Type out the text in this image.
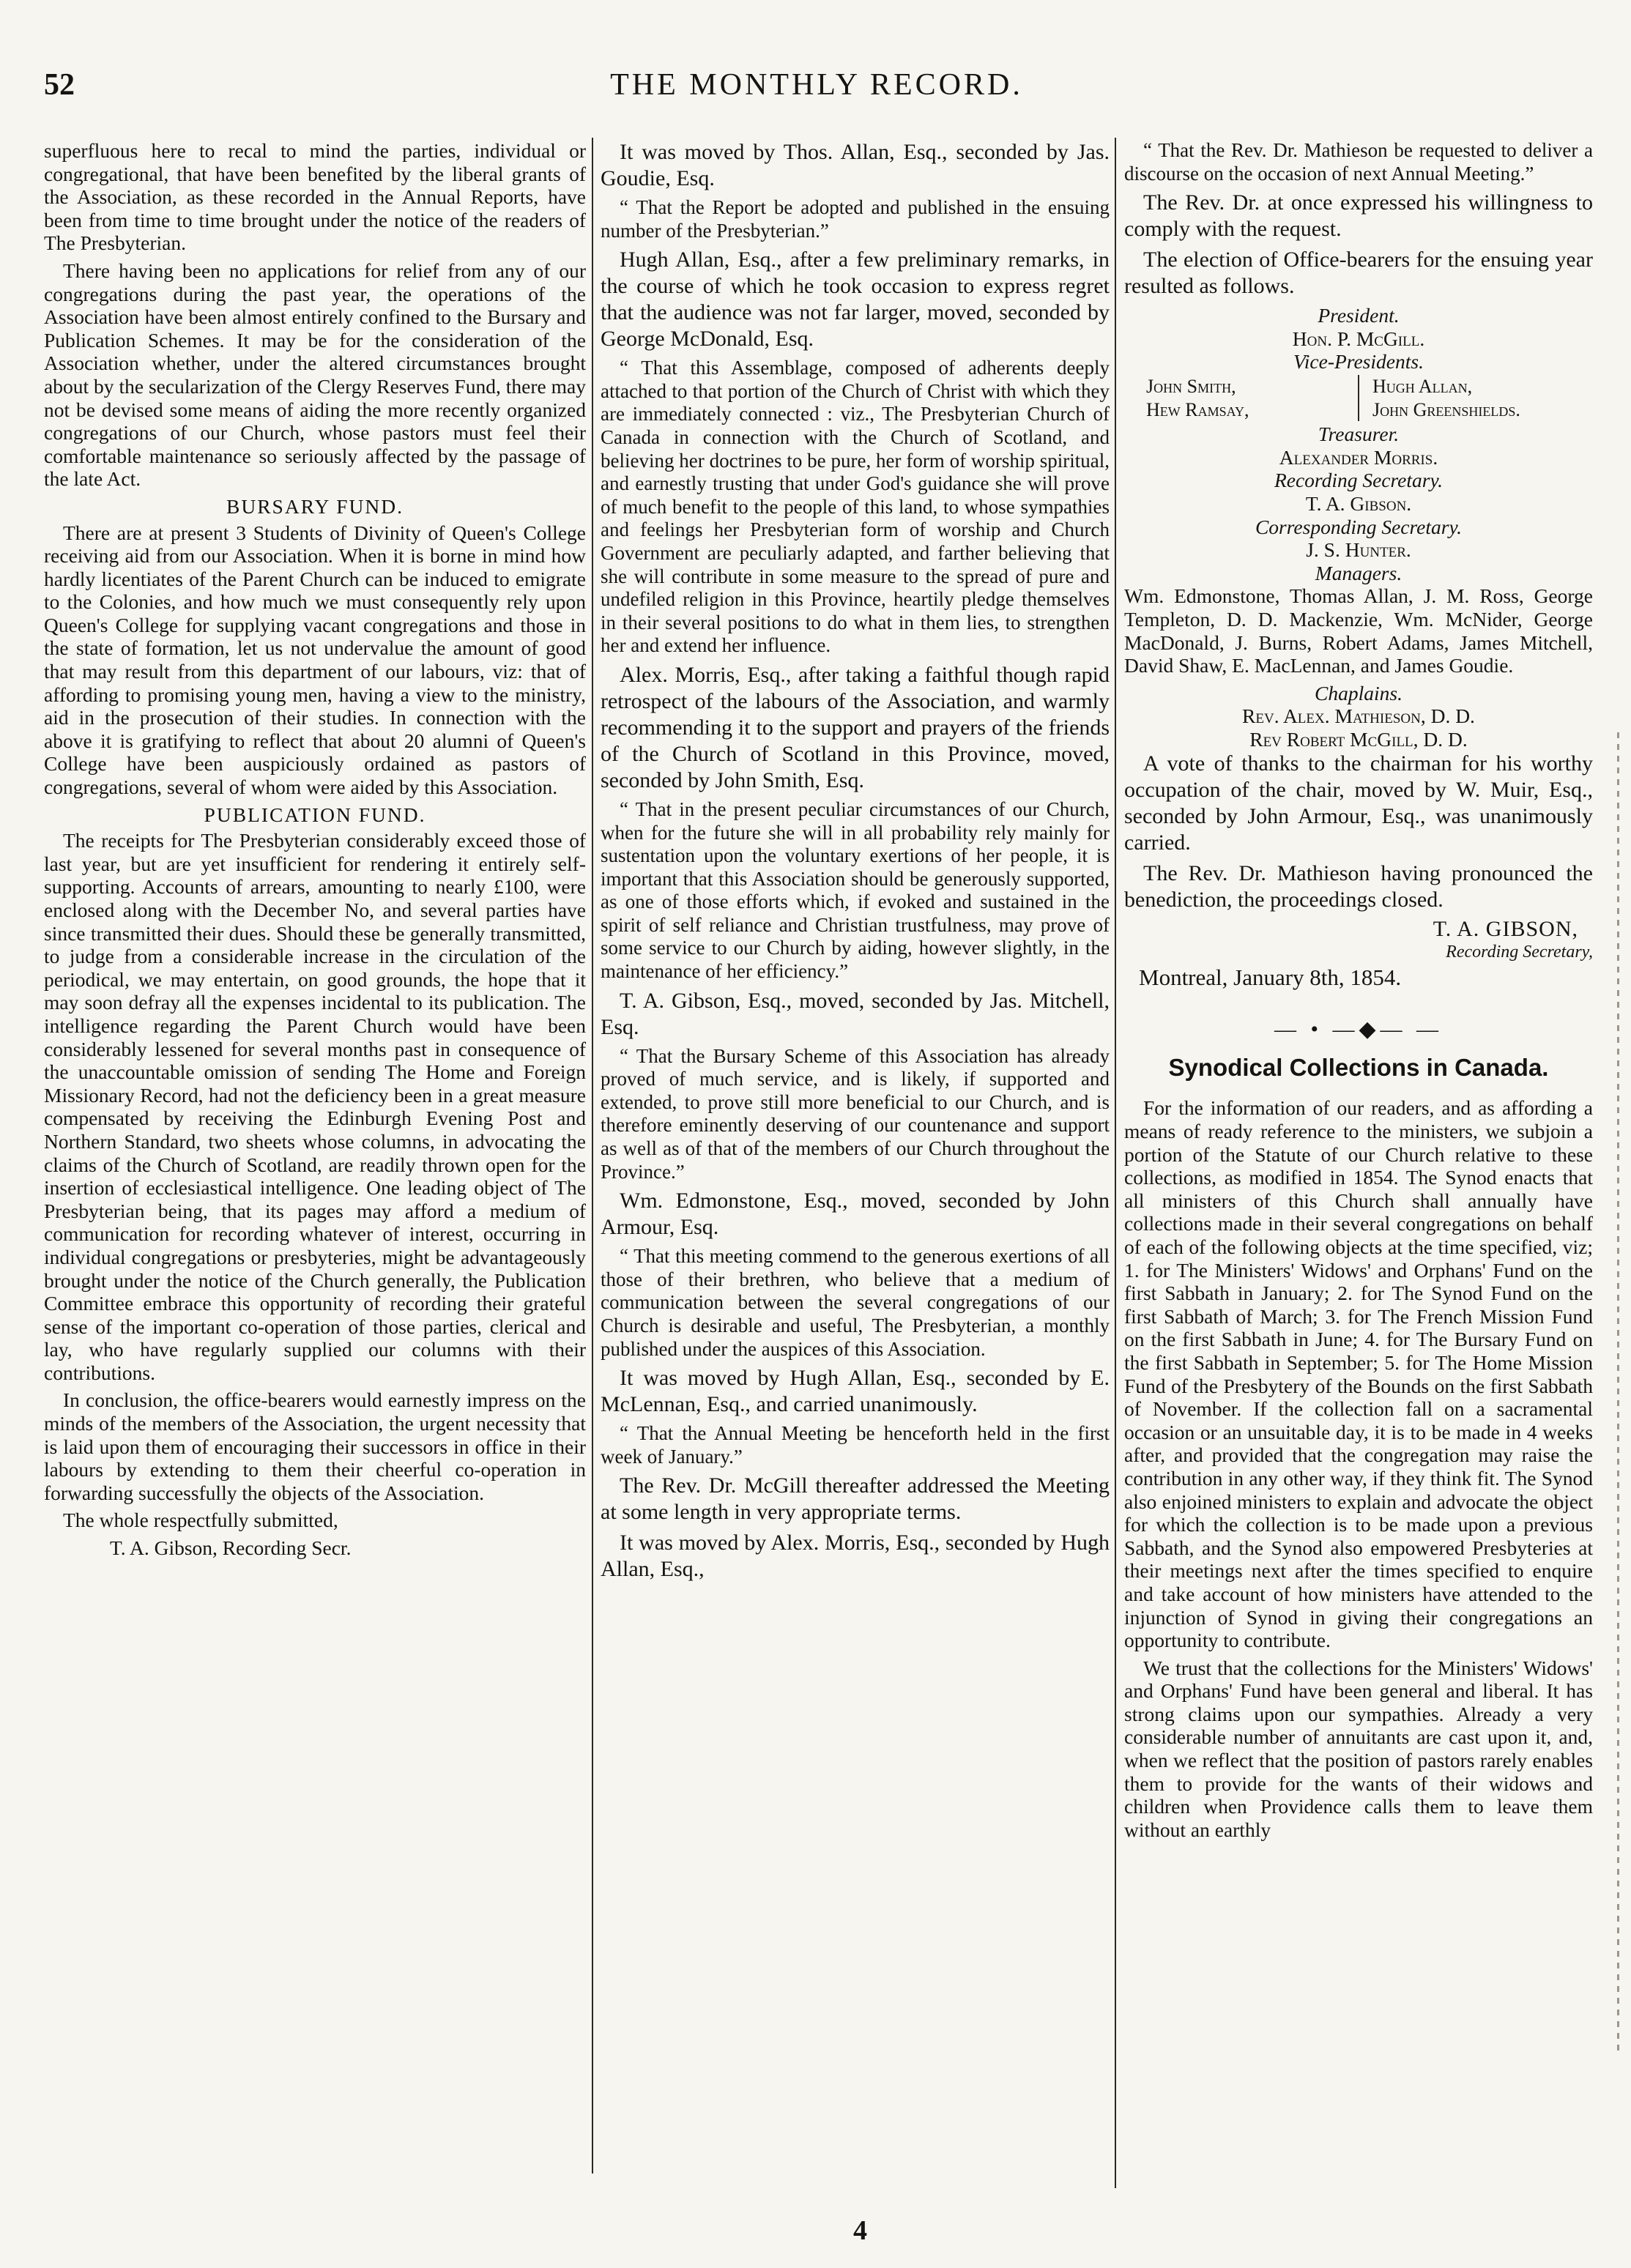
52	THE MONTHLY RECORD.

superfluous here to recal to mind the parties, individual or congregational, that have been benefited by the liberal grants of the Association, as these recorded in the Annual Reports, have been from time to time brought under the notice of the readers of The Presbyterian.

There having been no applications for relief from any of our congregations during the past year, the operations of the Association have been almost entirely confined to the Bursary and Publication Schemes. It may be for the consideration of the Association whether, under the altered circumstances brought about by the secularization of the Clergy Reserves Fund, there may not be devised some means of aiding the more recently organized congregations of our Church, whose pastors must feel their comfortable maintenance so seriously affected by the passage of the late Act.

BURSARY FUND.

There are at present 3 Students of Divinity of Queen's College receiving aid from our Association. When it is borne in mind how hardly licentiates of the Parent Church can be induced to emigrate to the Colonies, and how much we must consequently rely upon Queen's College for supplying vacant congregations and those in the state of formation, let us not undervalue the amount of good that may result from this department of our labours, viz: that of affording to promising young men, having a view to the ministry, aid in the prosecution of their studies. In connection with the above it is gratifying to reflect that about 20 alumni of Queen's College have been auspiciously ordained as pastors of congregations, several of whom were aided by this Association.

PUBLICATION FUND.

The receipts for The Presbyterian considerably exceed those of last year, but are yet insufficient for rendering it entirely self-supporting. Accounts of arrears, amounting to nearly £100, were enclosed along with the December No, and several parties have since transmitted their dues. Should these be generally transmitted, to judge from a considerable increase in the circulation of the periodical, we may entertain, on good grounds, the hope that it may soon defray all the expenses incidental to its publication. The intelligence regarding the Parent Church would have been considerably lessened for several months past in consequence of the unaccountable omission of sending The Home and Foreign Missionary Record, had not the deficiency been in a great measure compensated by receiving the Edinburgh Evening Post and Northern Standard, two sheets whose columns, in advocating the claims of the Church of Scotland, are readily thrown open for the insertion of ecclesiastical intelligence. One leading object of The Presbyterian being, that its pages may afford a medium of communication for recording whatever of interest, occurring in individual congregations or presbyteries, might be advantageously brought under the notice of the Church generally, the Publication Committee embrace this opportunity of recording their grateful sense of the important co-operation of those parties, clerical and lay, who have regularly supplied our columns with their contributions.

In conclusion, the office-bearers would earnestly impress on the minds of the members of the Association, the urgent necessity that is laid upon them of encouraging their successors in office in their labours by extending to them their cheerful co-operation in forwarding successfully the objects of the Association.

The whole respectfully submitted,

T. A. Gibson, Recording Secr.

It was moved by Thos. Allan, Esq., seconded by Jas. Goudie, Esq.

“ That the Report be adopted and published in the ensuing number of the Presbyterian.”

Hugh Allan, Esq., after a few preliminary remarks, in the course of which he took occasion to express regret that the audience was not far larger, moved, seconded by George McDonald, Esq.

“ That this Assemblage, composed of adherents deeply attached to that portion of the Church of Christ with which they are immediately connected : viz., The Presbyterian Church of Canada in connection with the Church of Scotland, and believing her doctrines to be pure, her form of worship spiritual, and earnestly trusting that under God's guidance she will prove of much benefit to the people of this land, to whose sympathies and feelings her Presbyterian form of worship and Church Government are peculiarly adapted, and farther believing that she will contribute in some measure to the spread of pure and undefiled religion in this Province, heartily pledge themselves in their several positions to do what in them lies, to strengthen her and extend her influence.

Alex. Morris, Esq., after taking a faithful though rapid retrospect of the labours of the Association, and warmly recommending it to the support and prayers of the friends of the Church of Scotland in this Province, moved, seconded by John Smith, Esq.

“ That in the present peculiar circumstances of our Church, when for the future she will in all probability rely mainly for sustentation upon the voluntary exertions of her people, it is important that this Association should be generously supported, as one of those efforts which, if evoked and sustained in the spirit of self reliance and Christian trustfulness, may prove of some service to our Church by aiding, however slightly, in the maintenance of her efficiency.”

T. A. Gibson, Esq., moved, seconded by Jas. Mitchell, Esq.

“ That the Bursary Scheme of this Association has already proved of much service, and is likely, if supported and extended, to prove still more beneficial to our Church, and is therefore eminently deserving of our countenance and support as well as of that of the members of our Church throughout the Province.”

Wm. Edmonstone, Esq., moved, seconded by John Armour, Esq.

“ That this meeting commend to the generous exertions of all those of their brethren, who believe that a medium of communication between the several congregations of our Church is desirable and useful, The Presbyterian, a monthly published under the auspices of this Association.

It was moved by Hugh Allan, Esq., seconded by E. McLennan, Esq., and carried unanimously.

“ That the Annual Meeting be henceforth held in the first week of January.”

The Rev. Dr. McGill thereafter addressed the Meeting at some length in very appropriate terms.

It was moved by Alex. Morris, Esq., seconded by Hugh Allan, Esq.,

“ That the Rev. Dr. Mathieson be requested to deliver a discourse on the occasion of next Annual Meeting.”

The Rev. Dr. at once expressed his willingness to comply with the request.

The election of Office-bearers for the ensuing year resulted as follows.

President.

Hon. P. McGill.

Vice-Presidents.

John Smith,
Hew Ramsay,
Hugh Allan,
John Greenshields.

Treasurer.

Alexander Morris.

Recording Secretary.

T. A. Gibson.

Corresponding Secretary.

J. S. Hunter.

Managers.

Wm. Edmonstone, Thomas Allan, J. M. Ross, George Templeton, D. D. Mackenzie, Wm. McNider, George MacDonald, J. Burns, Robert Adams, James Mitchell, David Shaw, E. MacLennan, and James Goudie.

Chaplains.

Rev. Alex. Mathieson, D. D.

Rev Robert McGill, D. D.

A vote of thanks to the chairman for his worthy occupation of the chair, moved by W. Muir, Esq., seconded by John Armour, Esq., was unanimously carried.

The Rev. Dr. Mathieson having pronounced the benediction, the proceedings closed.

T. A. GIBSON,

Recording Secretary,

Montreal, January 8th, 1854.

— • —◆— —

Synodical Collections in Canada.

For the information of our readers, and as affording a means of ready reference to the ministers, we subjoin a portion of the Statute of our Church relative to these collections, as modified in 1854. The Synod enacts that all ministers of this Church shall annually have collections made in their several congregations on behalf of each of the following objects at the time specified, viz; 1. for The Ministers' Widows' and Orphans' Fund on the first Sabbath in January; 2. for The Synod Fund on the first Sabbath of March; 3. for The French Mission Fund on the first Sabbath in June; 4. for The Bursary Fund on the first Sabbath in September; 5. for The Home Mission Fund of the Presbytery of the Bounds on the first Sabbath of November. If the collection fall on a sacramental occasion or an unsuitable day, it is to be made in 4 weeks after, and provided that the congregation may raise the contribution in any other way, if they think fit. The Synod also enjoined ministers to explain and advocate the object for which the collection is to be made upon a previous Sabbath, and the Synod also empowered Presbyteries at their meetings next after the times specified to enquire and take account of how ministers have attended to the injunction of Synod in giving their congregations an opportunity to contribute.

We trust that the collections for the Ministers' Widows' and Orphans' Fund have been general and liberal. It has strong claims upon our sympathies. Already a very considerable number of annuitants are cast upon it, and, when we reflect that the position of pastors rarely enables them to provide for the wants of their widows and children when Providence calls them to leave them without an earthly

4
